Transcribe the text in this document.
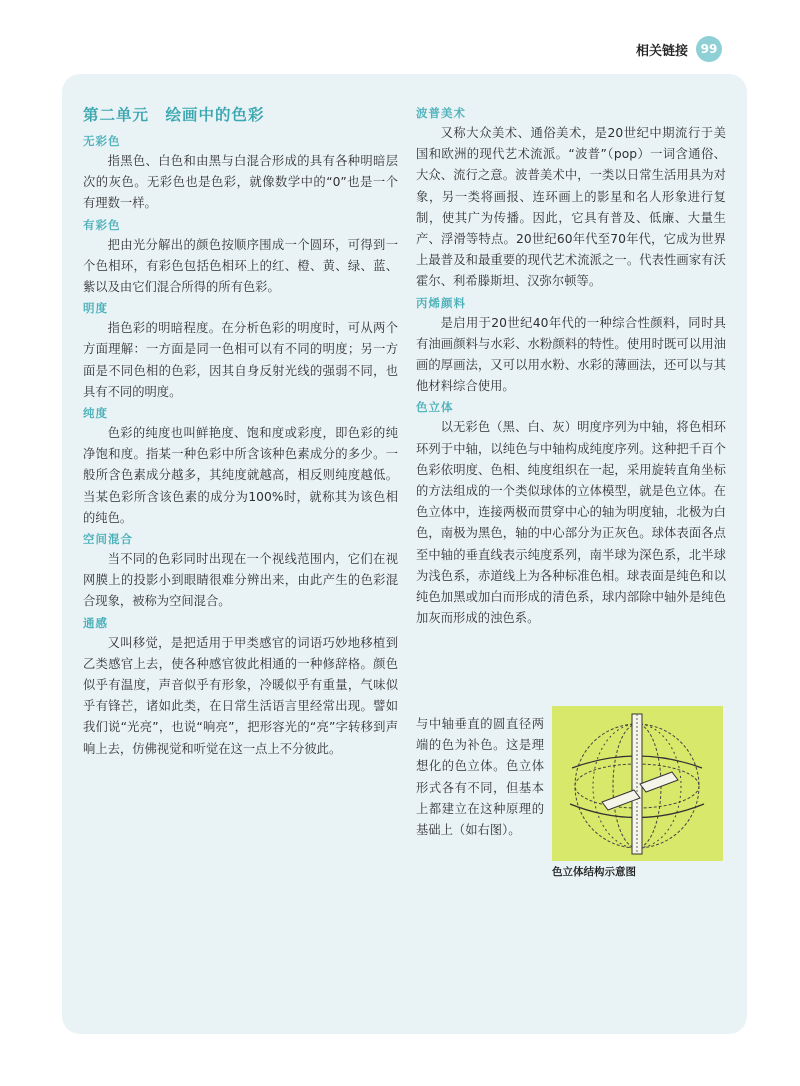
相关链接	99
第二单元　绘画中的色彩
无彩色

指黑色、白色和由黑与白混合形成的具有各种明暗层次的灰色。无彩色也是色彩，就像数学中的“0”也是一个有理数一样。

有彩色

把由光分解出的颜色按顺序围成一个圆环，可得到一个色相环，有彩色包括色相环上的红、橙、黄、绿、蓝、紫以及由它们混合所得的所有色彩。

明度

指色彩的明暗程度。在分析色彩的明度时，可从两个方面理解：一方面是同一色相可以有不同的明度；另一方面是不同色相的色彩，因其自身反射光线的强弱不同，也具有不同的明度。

纯度

色彩的纯度也叫鲜艳度、饱和度或彩度，即色彩的纯净饱和度。指某一种色彩中所含该种色素成分的多少。一般所含色素成分越多，其纯度就越高，相反则纯度越低。当某色彩所含该色素的成分为100%时，就称其为该色相的纯色。

空间混合

当不同的色彩同时出现在一个视线范围内，它们在视网膜上的投影小到眼睛很难分辨出来，由此产生的色彩混合现象，被称为空间混合。

通感

又叫移觉，是把适用于甲类感官的词语巧妙地移植到乙类感官上去，使各种感官彼此相通的一种修辞格。颜色似乎有温度，声音似乎有形象，冷暖似乎有重量，气味似乎有锋芒，诸如此类，在日常生活语言里经常出现。譬如我们说“光亮”，也说“响亮”，把形容光的“亮”字转移到声响上去，仿佛视觉和听觉在这一点上不分彼此。

波普美术

又称大众美术、通俗美术，是20世纪中期流行于美国和欧洲的现代艺术流派。“波普”（pop）一词含通俗、大众、流行之意。波普美术中，一类以日常生活用具为对象，另一类将画报、连环画上的影星和名人形象进行复制，使其广为传播。因此，它具有普及、低廉、大量生产、浮滑等特点。20世纪60年代至70年代，它成为世界上最普及和最重要的现代艺术流派之一。代表性画家有沃霍尔、利希滕斯坦、汉弥尔顿等。

丙烯颜料

是启用于20世纪40年代的一种综合性颜料，同时具有油画颜料与水彩、水粉颜料的特性。使用时既可以用油画的厚画法，又可以用水粉、水彩的薄画法，还可以与其他材料综合使用。

色立体

以无彩色（黑、白、灰）明度序列为中轴，将色相环环列于中轴，以纯色与中轴构成纯度序列。这种把千百个色彩依明度、色相、纯度组织在一起，采用旋转直角坐标的方法组成的一个类似球体的立体模型，就是色立体。在色立体中，连接两极而贯穿中心的轴为明度轴，北极为白色，南极为黑色，轴的中心部分为正灰色。球体表面各点至中轴的垂直线表示纯度系列，南半球为深色系，北半球为浅色系，赤道线上为各种标准色相。球表面是纯色和以纯色加黑或加白而形成的清色系，球内部除中轴外是纯色加灰而形成的浊色系。

与中轴垂直的圆直径两端的色为补色。这是理想化的色立体。色立体形式各有不同，但基本上都建立在这种原理的基础上（如右图）。

色立体结构示意图
